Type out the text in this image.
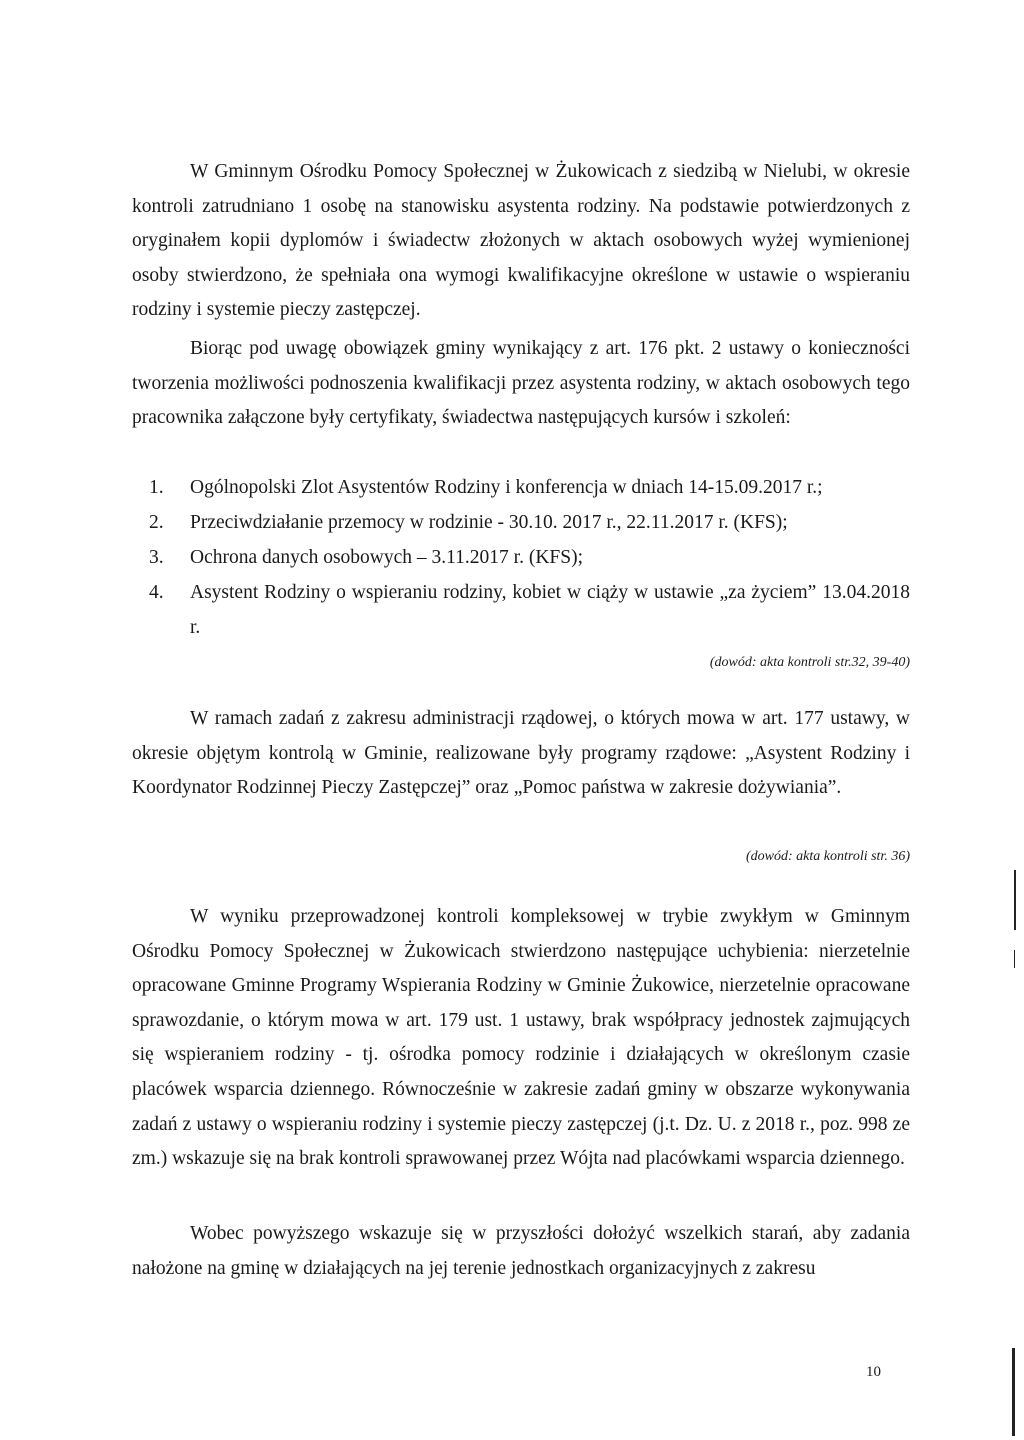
W Gminnym Ośrodku Pomocy Społecznej w Żukowicach z siedzibą w Nielubi, w okresie kontroli zatrudniano 1 osobę na stanowisku asystenta rodziny. Na podstawie potwierdzonych z oryginałem kopii dyplomów i świadectw złożonych w aktach osobowych wyżej wymienionej osoby stwierdzono, że spełniała ona wymogi kwalifikacyjne określone w ustawie o wspieraniu rodziny i systemie pieczy zastępczej.

Biorąc pod uwagę obowiązek gminy wynikający z art. 176 pkt. 2 ustawy o konieczności tworzenia możliwości podnoszenia kwalifikacji przez asystenta rodziny, w aktach osobowych tego pracownika załączone były certyfikaty, świadectwa następujących kursów i szkoleń:

1. Ogólnopolski Zlot Asystentów Rodziny i konferencja w dniach 14-15.09.2017 r.;
2. Przeciwdziałanie przemocy w rodzinie - 30.10. 2017 r., 22.11.2017 r. (KFS);
3. Ochrona danych osobowych – 3.11.2017 r. (KFS);
4. Asystent Rodziny o wspieraniu rodziny, kobiet w ciąży w ustawie „za życiem” 13.04.2018 r.

(dowód: akta kontroli str.32, 39-40)

W ramach zadań z zakresu administracji rządowej, o których mowa w art. 177 ustawy, w okresie objętym kontrolą w Gminie, realizowane były programy rządowe: „Asystent Rodziny i Koordynator Rodzinnej Pieczy Zastępczej” oraz „Pomoc państwa w zakresie dożywiania”.

(dowód: akta kontroli str. 36)

W wyniku przeprowadzonej kontroli kompleksowej w trybie zwykłym w Gminnym Ośrodku Pomocy Społecznej w Żukowicach stwierdzono następujące uchybienia: nierzetelnie opracowane Gminne Programy Wspierania Rodziny w Gminie Żukowice, nierzetelnie opracowane sprawozdanie, o którym mowa w art. 179 ust. 1 ustawy, brak współpracy jednostek zajmujących się wspieraniem rodziny - tj. ośrodka pomocy rodzinie i działających w określonym czasie placówek wsparcia dziennego. Równocześnie w zakresie zadań gminy w obszarze wykonywania zadań z ustawy o wspieraniu rodziny i systemie pieczy zastępczej (j.t. Dz. U. z 2018 r., poz. 998 ze zm.) wskazuje się na brak kontroli sprawowanej przez Wójta nad placówkami wsparcia dziennego.

Wobec powyższego wskazuje się w przyszłości dołożyć wszelkich starań, aby zadania nałożone na gminę w działających na jej terenie jednostkach organizacyjnych z zakresu

10
